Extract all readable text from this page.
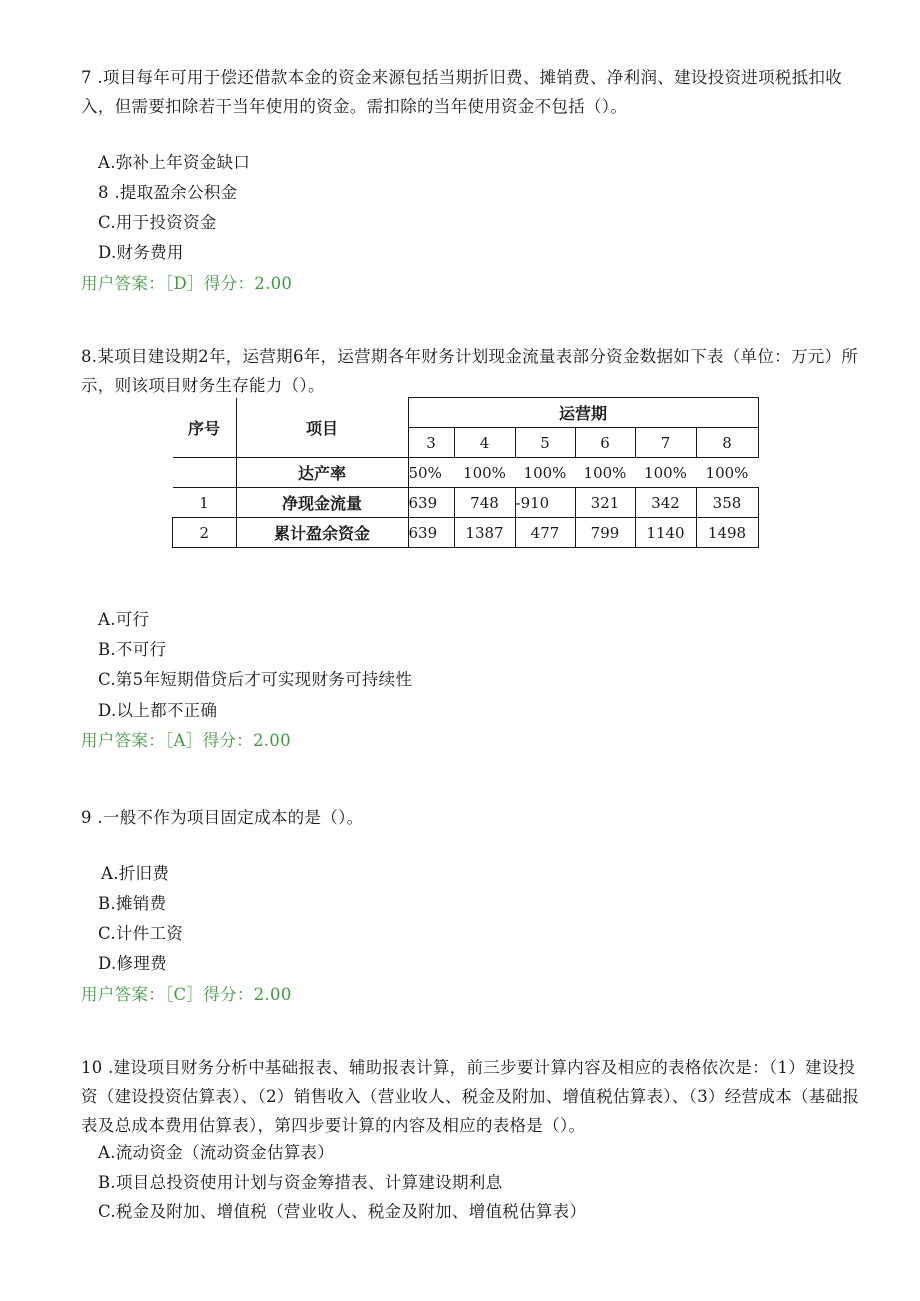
7 .项目每年可用于偿还借款本金的资金来源包括当期折旧费、摊销费、净利润、建设投资进项税抵扣收入，但需要扣除若干当年使用的资金。需扣除的当年使用资金不包括（）。
A.弥补上年资金缺口
8 .提取盈余公积金
C.用于投资资金
D.财务费用
用户答案：［D］得分：2.00
8.某项目建设期2年，运营期6年，运营期各年财务计划现金流量表部分资金数据如下表（单位：万元）所示，则该项目财务生存能力（）。
序号	项目	运营期					
		3	4	5	6	7	8
	达产率	50%	100%	100%	100%	100%	100%
1	净现金流量	639	748	-910	321	342	358
2	累计盈余资金	639	1387	477	799	1140	1498
A.可行
B.不可行
C.第5年短期借贷后才可实现财务可持续性
D.以上都不正确
用户答案：［A］得分：2.00
9 .一般不作为项目固定成本的是（）。
A.折旧费
B.摊销费
C.计件工资
D.修理费
用户答案：［C］得分：2.00
10 .建设项目财务分析中基础报表、辅助报表计算，前三步要计算内容及相应的表格依次是：（1）建设投资（建设投资估算表）、（2）销售收入（营业收人、税金及附加、增值税估算表）、（3）经营成本（基础报表及总成本费用估算表），第四步要计算的内容及相应的表格是（）。
A.流动资金（流动资金估算表）
B.项目总投资使用计划与资金筹措表、计算建设期利息
C.税金及附加、增值税（营业收人、税金及附加、增值税估算表）
